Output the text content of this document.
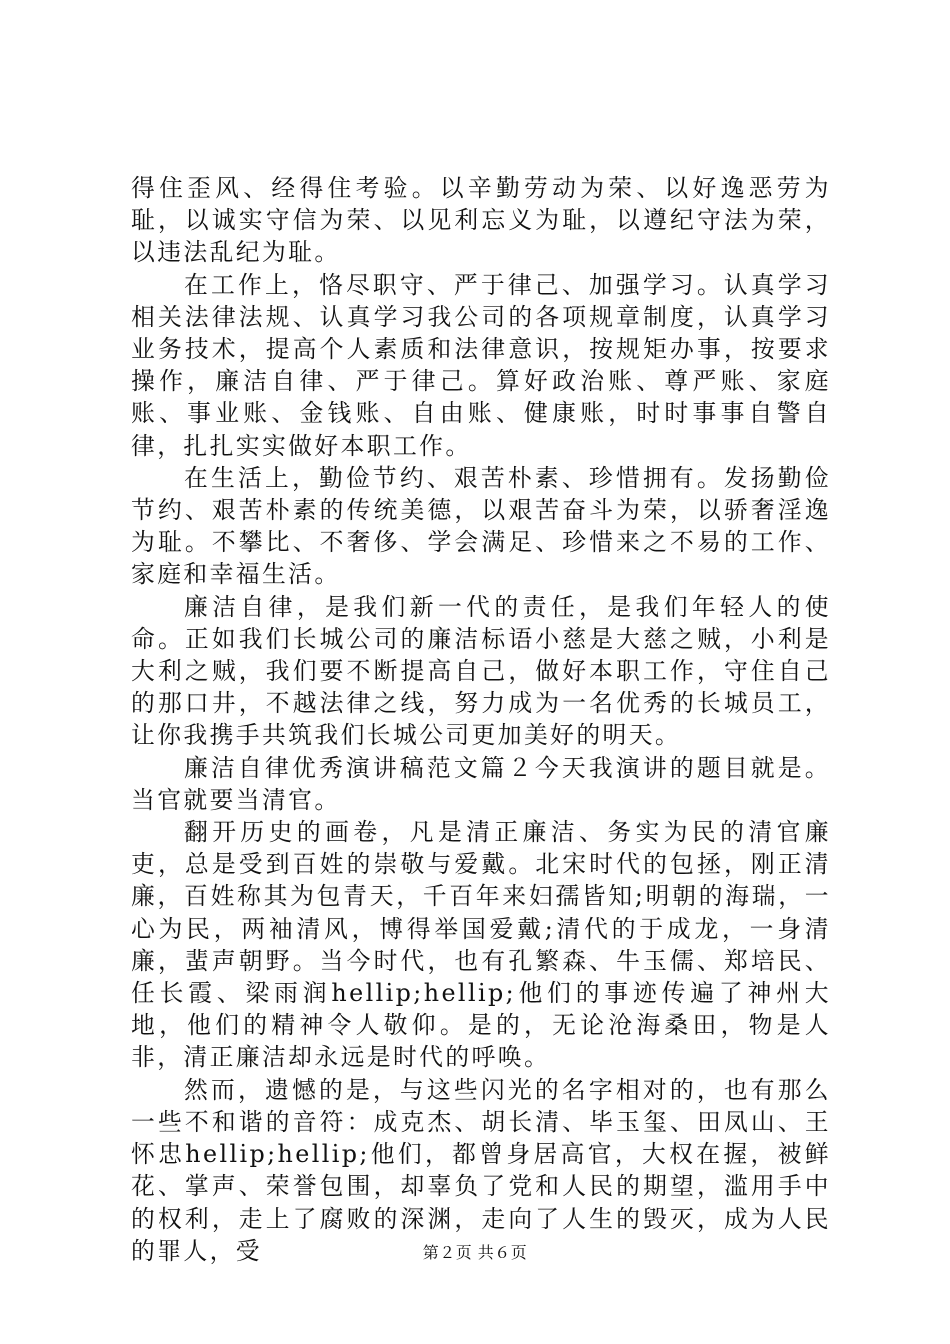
得住歪风、经得住考验。以辛勤劳动为荣、以好逸恶劳为耻，以诚实守信为荣、以见利忘义为耻，以遵纪守法为荣，以违法乱纪为耻。

在工作上，恪尽职守、严于律己、加强学习。认真学习相关法律法规、认真学习我公司的各项规章制度，认真学习业务技术，提高个人素质和法律意识，按规矩办事，按要求操作，廉洁自律、严于律己。算好政治账、尊严账、家庭账、事业账、金钱账、自由账、健康账，时时事事自警自律，扎扎实实做好本职工作。

在生活上，勤俭节约、艰苦朴素、珍惜拥有。发扬勤俭节约、艰苦朴素的传统美德，以艰苦奋斗为荣，以骄奢淫逸为耻。不攀比、不奢侈、学会满足、珍惜来之不易的工作、家庭和幸福生活。

廉洁自律，是我们新一代的责任，是我们年轻人的使命。正如我们长城公司的廉洁标语小慈是大慈之贼，小利是大利之贼，我们要不断提高自己，做好本职工作，守住自己的那口井，不越法律之线，努力成为一名优秀的长城员工，让你我携手共筑我们长城公司更加美好的明天。

廉洁自律优秀演讲稿范文篇２今天我演讲的题目就是。当官就要当清官。

翻开历史的画卷，凡是清正廉洁、务实为民的清官廉吏，总是受到百姓的崇敬与爱戴。北宋时代的包拯，刚正清廉，百姓称其为包青天，千百年来妇孺皆知;明朝的海瑞，一心为民，两袖清风，博得举国爱戴;清代的于成龙，一身清廉，蜚声朝野。当今时代，也有孔繁森、牛玉儒、郑培民、任长霞、梁雨润hellip;hellip;他们的事迹传遍了神州大地，他们的精神令人敬仰。是的，无论沧海桑田，物是人非，清正廉洁却永远是时代的呼唤。

然而，遗憾的是，与这些闪光的名字相对的，也有那么一些不和谐的音符：成克杰、胡长清、毕玉玺、田凤山、王怀忠hellip;hellip;他们，都曾身居高官，大权在握，被鲜花、掌声、荣誉包围，却辜负了党和人民的期望，滥用手中的权利，走上了腐败的深渊，走向了人生的毁灭，成为人民的罪人，受	第２页 共６页
